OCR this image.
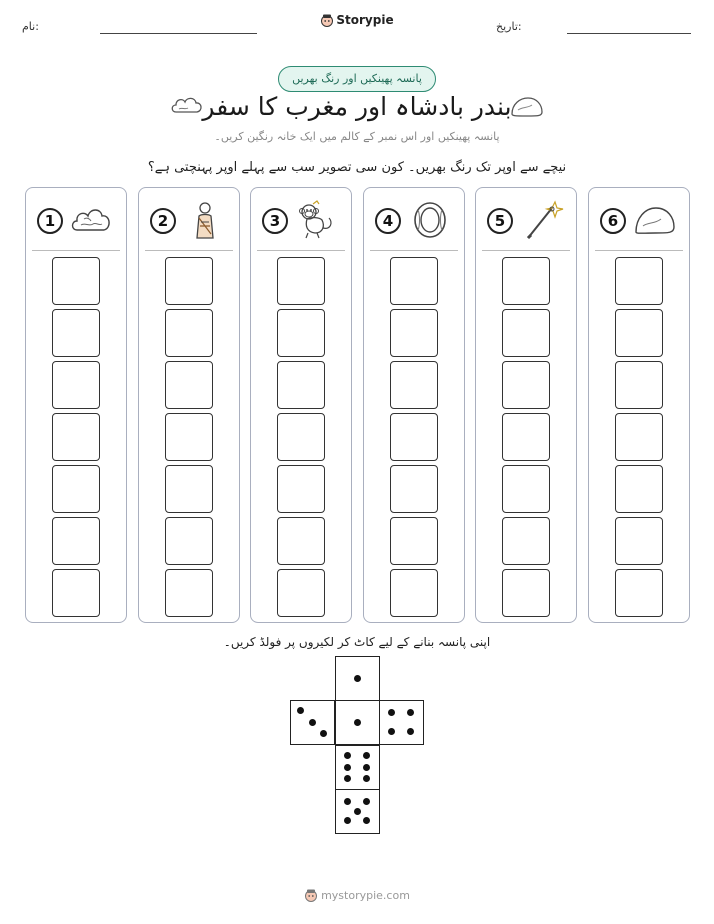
نام:	Storypie	تاریخ:
پانسہ پھینکیں اور رنگ بھریں
بندر بادشاہ اور مغرب کا سفر
پانسہ پھینکیں اور اس نمبر کے کالم میں ایک خانہ رنگین کریں۔
نیچے سے اوپر تک رنگ بھریں۔ کون سی تصویر سب سے پہلے اوپر پہنچتی ہے؟
1	2	3	4	5	6
اپنی پانسہ بنانے کے لیے کاٹ کر لکیروں پر فولڈ کریں۔
mystorypie.com
